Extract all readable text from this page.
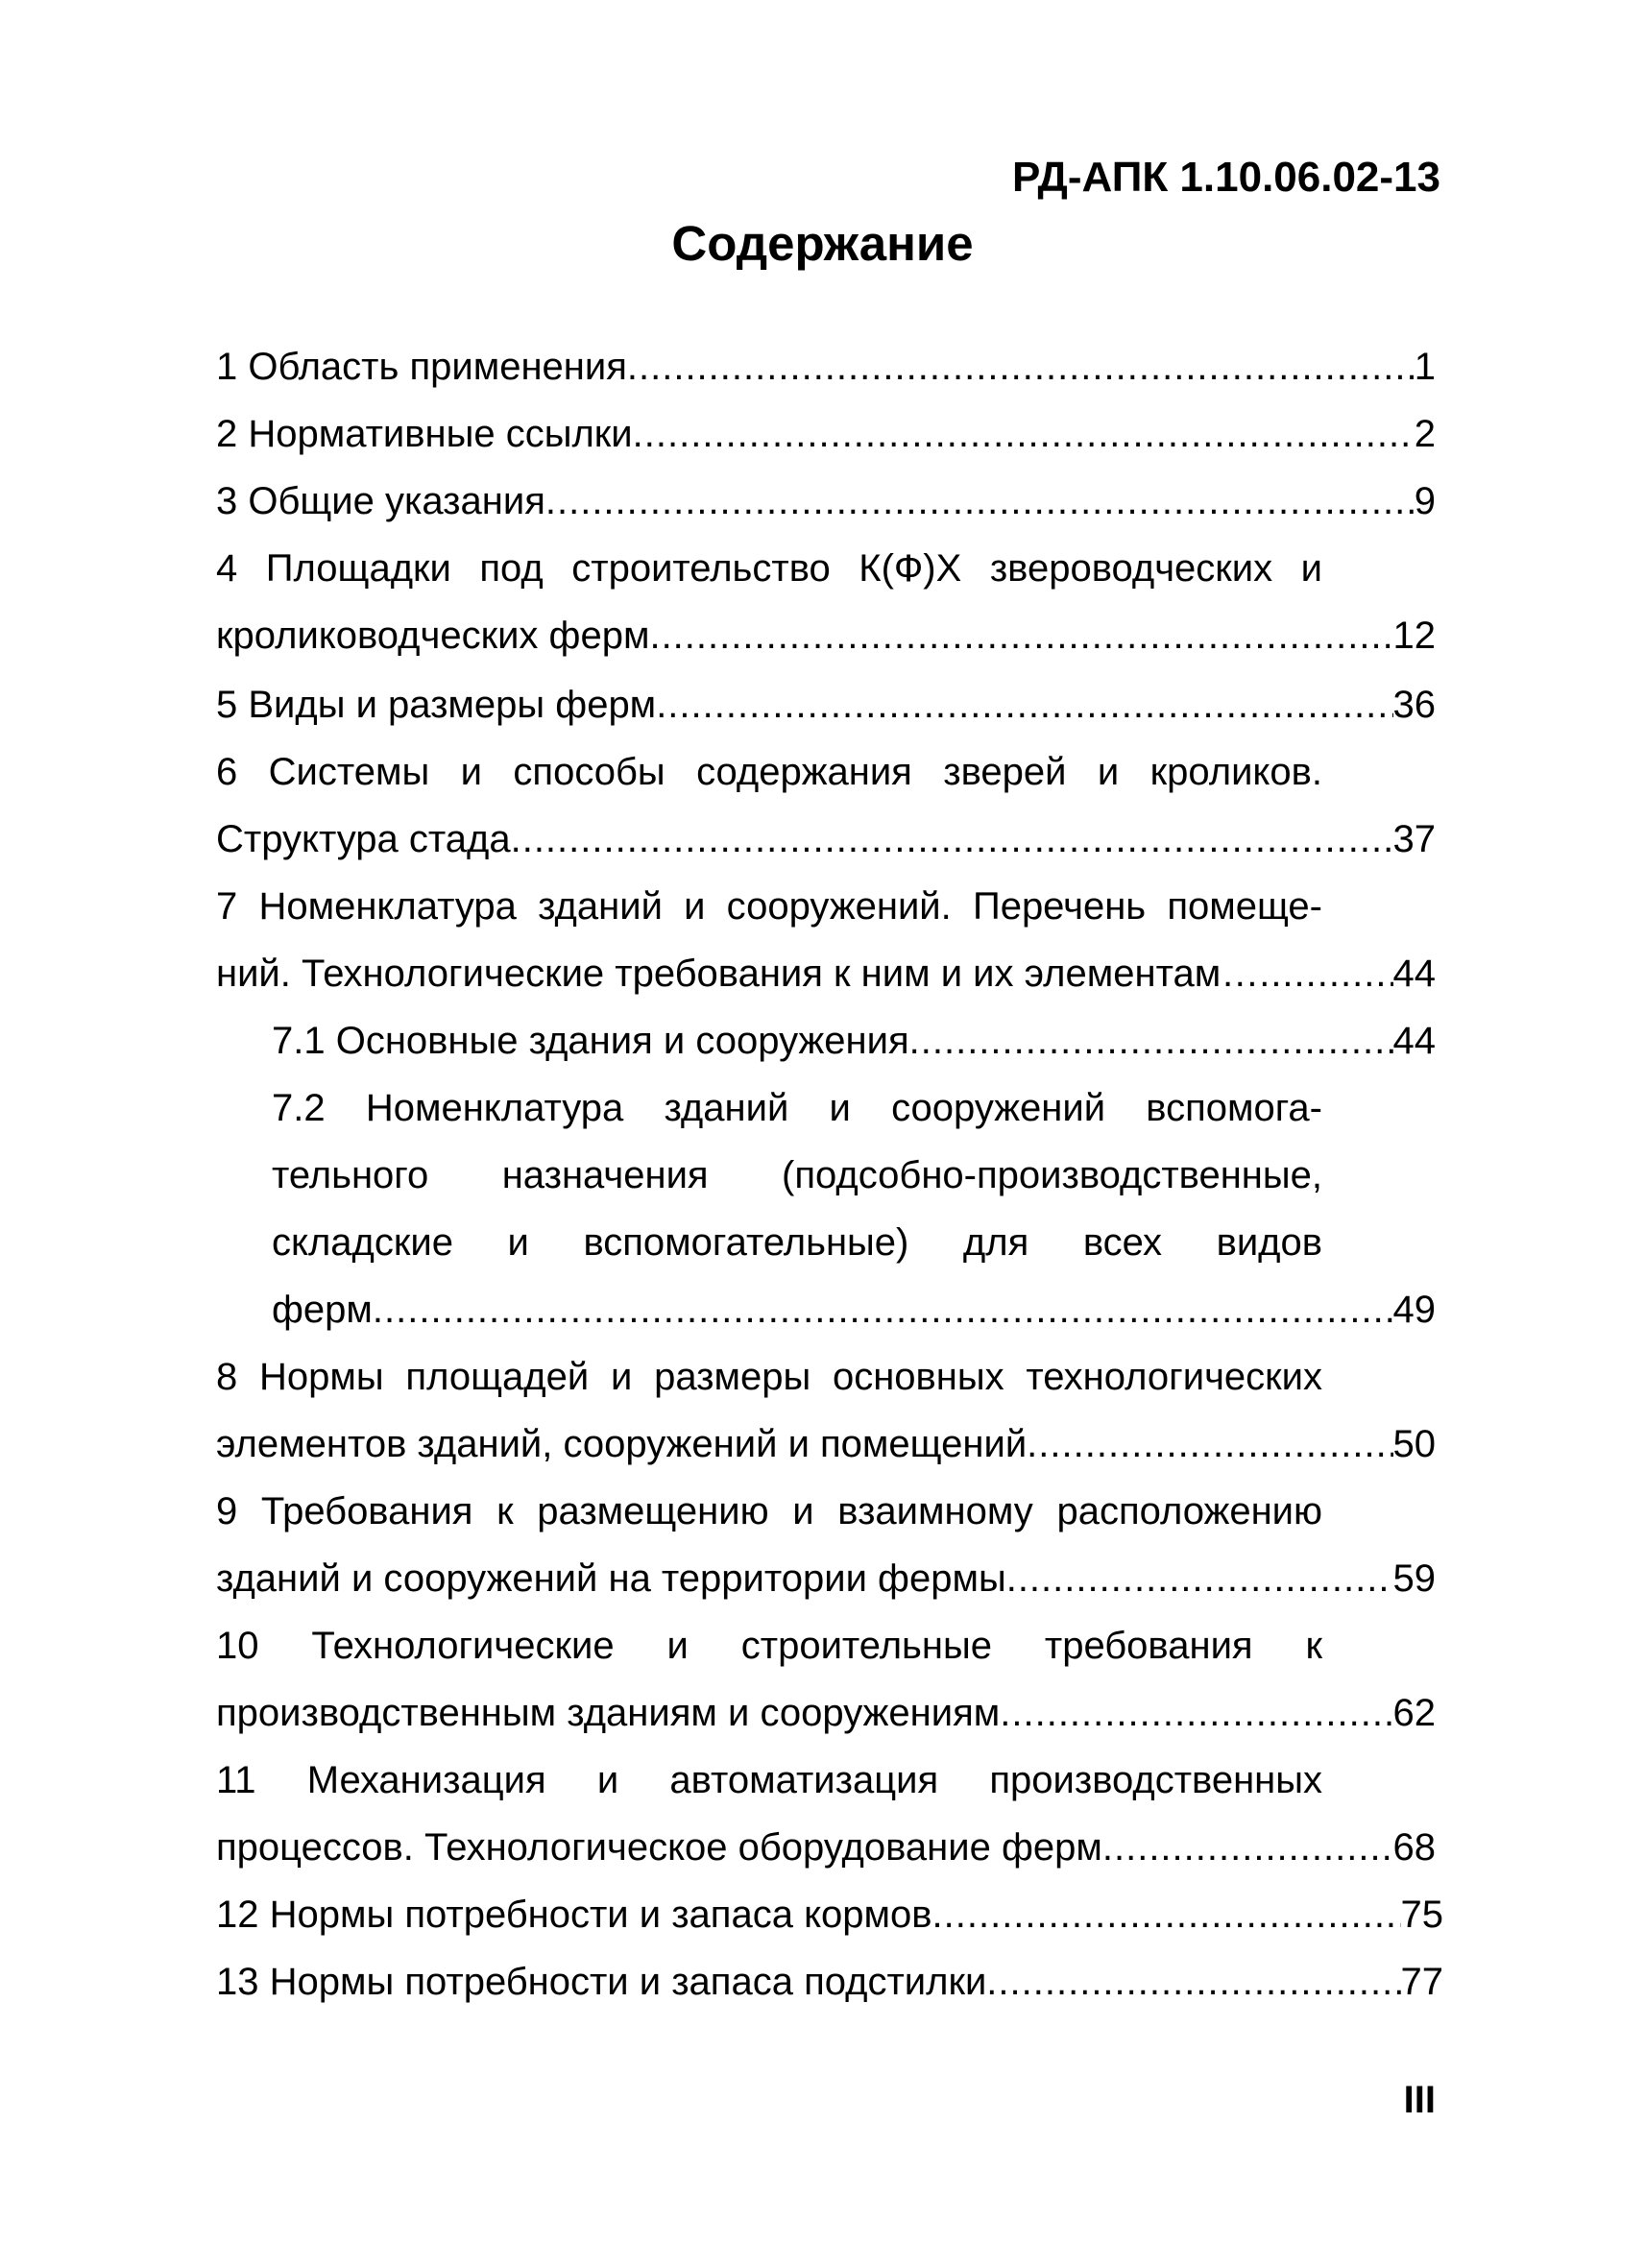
РД-АПК 1.10.06.02-13
Содержание
1 Область применения .....	1
2 Нормативные ссылки .....	2
3 Общие указания .....	9
4 Площадки под строительство К(Ф)Х звероводческих и
кролиководческих ферм .....	12
5 Виды и размеры ферм .....	36
6 Системы и способы содержания зверей и кроликов.
Структура стада .....	37
7 Номенклатура зданий и сооружений. Перечень помеще-
ний. Технологические требования к ним и их элементам… .....	44
7.1 Основные здания и сооружения .....	44
7.2 Номенклатура зданий и сооружений вспомога-
тельного назначения (подсобно-производственные,
складские и вспомогательные) для всех видов
ферм .....	49
8 Нормы площадей и размеры основных технологических
элементов зданий, сооружений и помещений .....	50
9 Требования к размещению и взаимному расположению
зданий и сооружений на территории фермы .....	59
10 Технологические и строительные требования к
производственным зданиям и сооружениям .....	62
11 Механизация и автоматизация производственных
процессов. Технологическое оборудование ферм .....	68
12 Нормы потребности и запаса кормов .....	75
13 Нормы потребности и запаса подстилки .....	77
III
